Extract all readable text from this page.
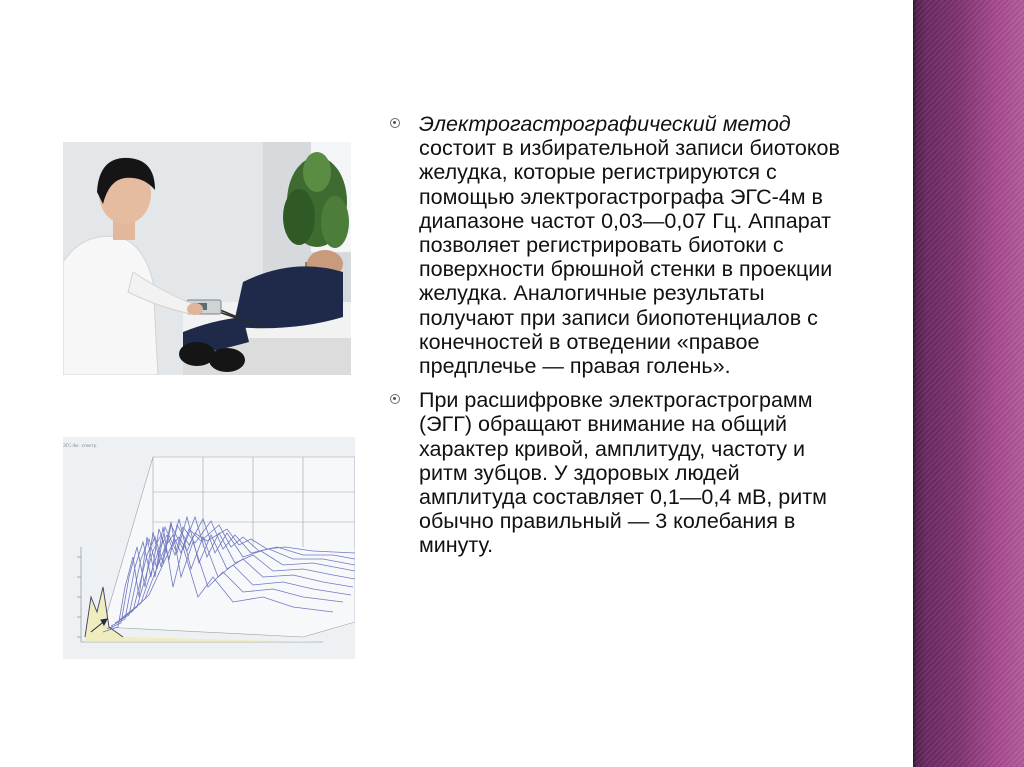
ЭГС-4м · спектр
Электрогастрографический метод состоит в избирательной записи биотоков желудка, которые регистрируются с помощью электрогастрографа ЭГС-4м в диапазоне частот 0,03—0,07 Гц. Аппарат позволяет регистрировать биотоки с поверхности брюшной стенки в проекции желудка. Аналогичные результаты получают при записи биопотенциалов с конечностей в отведении «правое предплечье — правая голень».
При расшифровке электрогастрограмм (ЭГГ) обращают внимание на общий характер кривой, амплитуду, частоту и ритм зубцов. У здоровых людей амплитуда составляет 0,1—0,4 мВ, ритм обычно правильный — 3 колебания в минуту.
